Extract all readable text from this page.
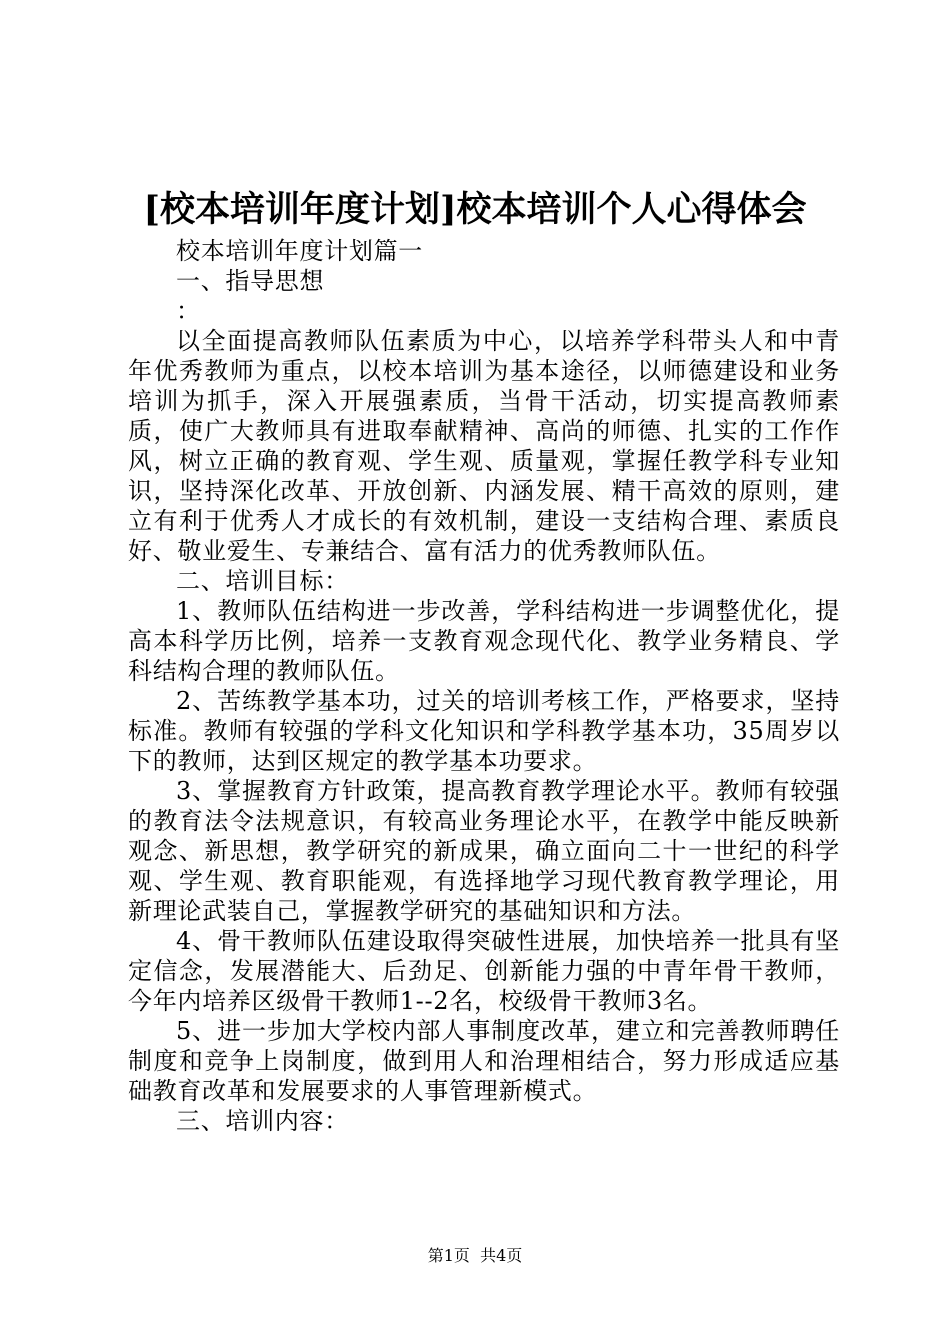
[校本培训年度计划]校本培训个人心得体会

校本培训年度计划篇一

一、指导思想

：

以全面提高教师队伍素质为中心，以培养学科带头人和中青年优秀教师为重点，以校本培训为基本途径，以师德建设和业务培训为抓手，深入开展强素质，当骨干活动，切实提高教师素质，使广大教师具有进取奉献精神、高尚的师德、扎实的工作作风，树立正确的教育观、学生观、质量观，掌握任教学科专业知识，坚持深化改革、开放创新、内涵发展、精干高效的原则，建立有利于优秀人才成长的有效机制，建设一支结构合理、素质良好、敬业爱生、专兼结合、富有活力的优秀教师队伍。

二、培训目标：

1、教师队伍结构进一步改善，学科结构进一步调整优化，提高本科学历比例，培养一支教育观念现代化、教学业务精良、学科结构合理的教师队伍。

2、苦练教学基本功，过关的培训考核工作，严格要求，坚持标准。教师有较强的学科文化知识和学科教学基本功，35周岁以下的教师，达到区规定的教学基本功要求。

3、掌握教育方针政策，提高教育教学理论水平。教师有较强的教育法令法规意识，有较高业务理论水平，在教学中能反映新观念、新思想，教学研究的新成果，确立面向二十一世纪的科学观、学生观、教育职能观，有选择地学习现代教育教学理论，用新理论武装自己，掌握教学研究的基础知识和方法。

4、骨干教师队伍建设取得突破性进展，加快培养一批具有坚定信念，发展潜能大、后劲足、创新能力强的中青年骨干教师，今年内培养区级骨干教师1--2名，校级骨干教师3名。

5、进一步加大学校内部人事制度改革，建立和完善教师聘任制度和竞争上岗制度，做到用人和治理相结合，努力形成适应基础教育改革和发展要求的人事管理新模式。

三、培训内容：

第1页  共4页
